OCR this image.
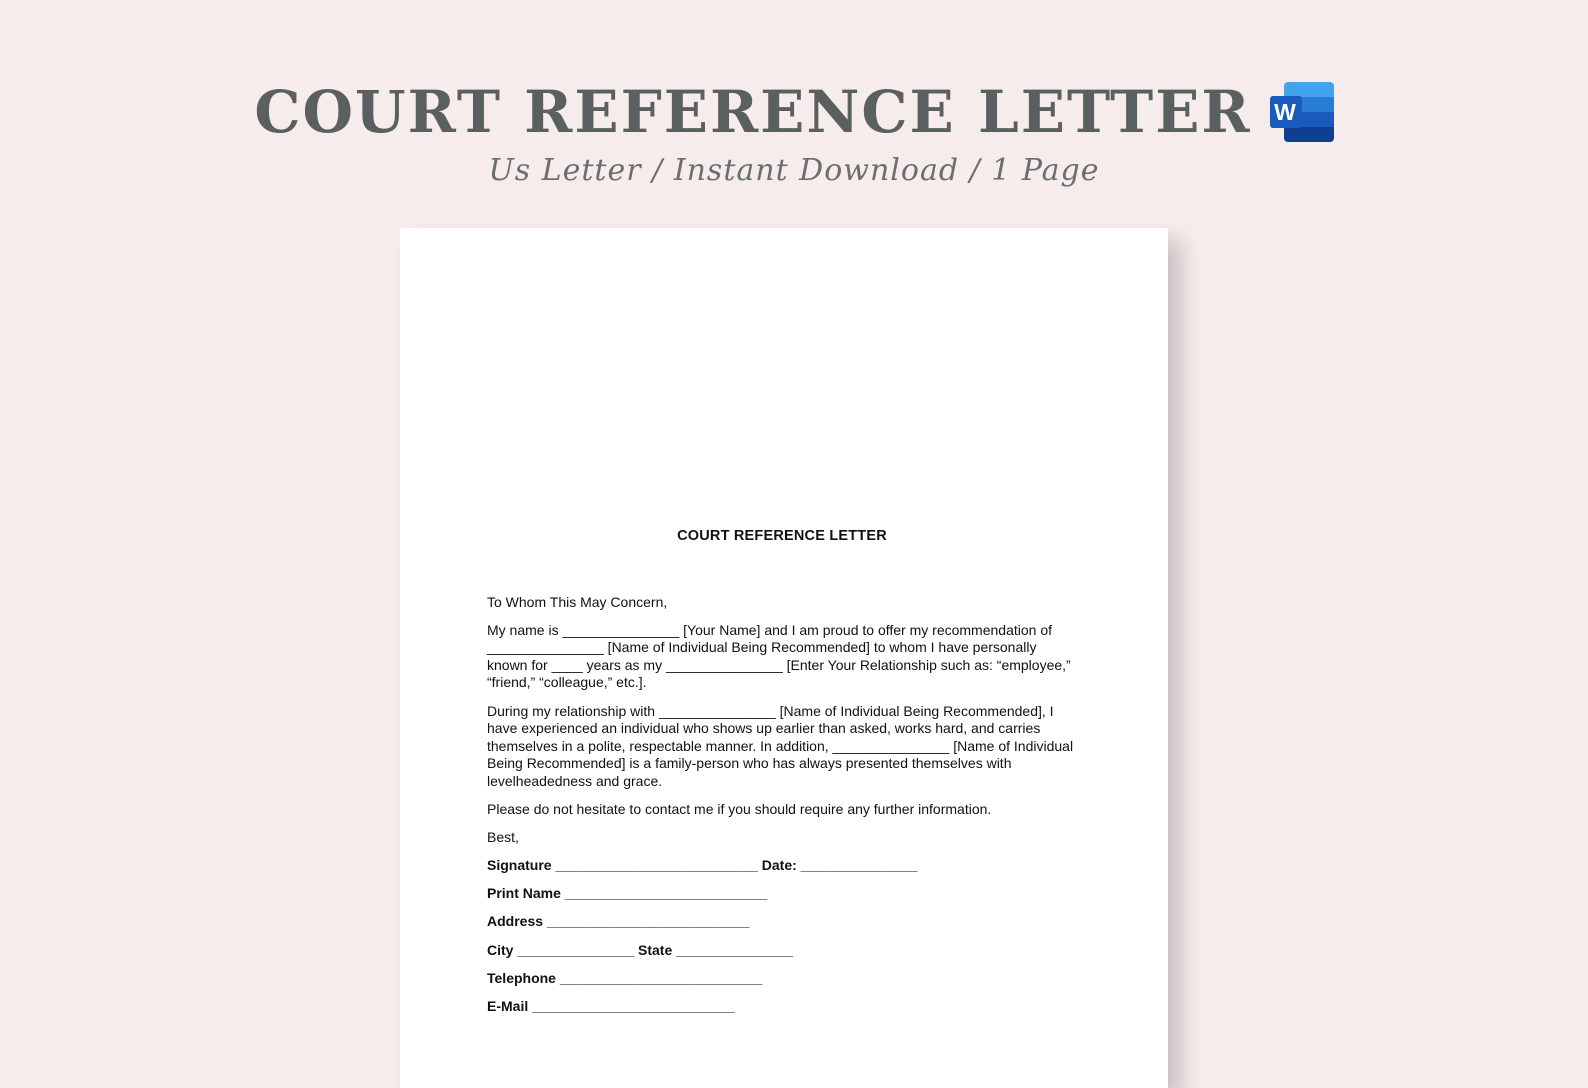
COURT REFERENCE LETTER W
Us Letter / Instant Download / 1 Page
COURT REFERENCE LETTER

To Whom This May Concern,

My name is _______________ [Your Name] and I am proud to offer my recommendation of _______________ [Name of Individual Being Recommended] to whom I have personally known for ____ years as my _______________ [Enter Your Relationship such as: “employee,” “friend,” “colleague,” etc.].

During my relationship with _______________ [Name of Individual Being Recommended], I have experienced an individual who shows up earlier than asked, works hard, and carries themselves in a polite, respectable manner. In addition, _______________ [Name of Individual Being Recommended] is a family-person who has always presented themselves with levelheadedness and grace.

Please do not hesitate to contact me if you should require any further information.

Best,

Signature __________________________ Date: _______________
Print Name __________________________
Address __________________________
City _______________ State _______________
Telephone __________________________
E-Mail __________________________
